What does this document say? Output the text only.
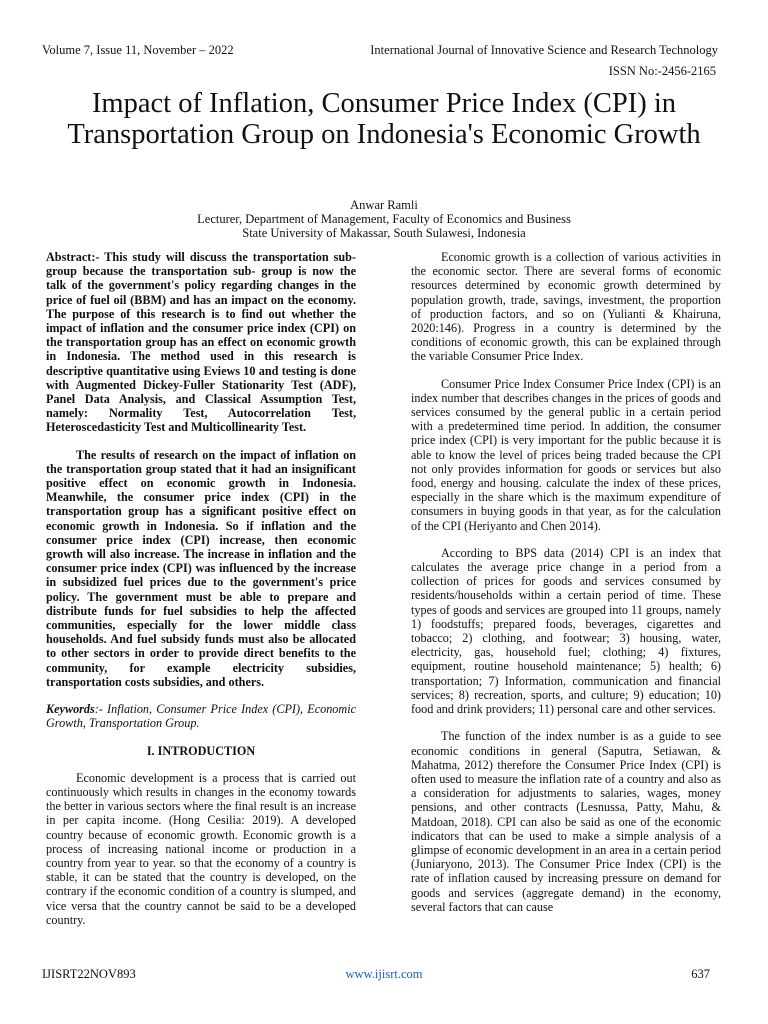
Volume 7, Issue 11, November – 2022	International Journal of Innovative Science and Research Technology
ISSN No:-2456-2165
Impact of Inflation, Consumer Price Index (CPI) in Transportation Group on Indonesia's Economic Growth
Anwar Ramli
Lecturer, Department of Management, Faculty of Economics and Business
State University of Makassar, South Sulawesi, Indonesia

Abstract:- This study will discuss the transportation sub-group because the transportation sub- group is now the talk of the government's policy regarding changes in the price of fuel oil (BBM) and has an impact on the economy. The purpose of this research is to find out whether the impact of inflation and the consumer price index (CPI) on the transportation group has an effect on economic growth in Indonesia. The method used in this research is descriptive quantitative using Eviews 10 and testing is done with Augmented Dickey-Fuller Stationarity Test (ADF), Panel Data Analysis, and Classical Assumption Test, namely: Normality Test, Autocorrelation Test, Heteroscedasticity Test and Multicollinearity Test.

The results of research on the impact of inflation on the transportation group stated that it had an insignificant positive effect on economic growth in Indonesia. Meanwhile, the consumer price index (CPI) in the transportation group has a significant positive effect on economic growth in Indonesia. So if inflation and the consumer price index (CPI) increase, then economic growth will also increase. The increase in inflation and the consumer price index (CPI) was influenced by the increase in subsidized fuel prices due to the government's price policy. The government must be able to prepare and distribute funds for fuel subsidies to help the affected communities, especially for the lower middle class households. And fuel subsidy funds must also be allocated to other sectors in order to provide direct benefits to the community, for example electricity subsidies, transportation costs subsidies, and others.

Keywords:- Inflation, Consumer Price Index (CPI), Economic Growth, Transportation Group.

I. INTRODUCTION

Economic development is a process that is carried out continuously which results in changes in the economy towards the better in various sectors where the final result is an increase in per capita income. (Hong Cesilia: 2019). A developed country because of economic growth. Economic growth is a process of increasing national income or production in a country from year to year. so that the economy of a country is stable, it can be stated that the country is developed, on the contrary if the economic condition of a country is slumped, and vice versa that the country cannot be said to be a developed country.

Economic growth is a collection of various activities in the economic sector. There are several forms of economic resources determined by economic growth determined by population growth, trade, savings, investment, the proportion of production factors, and so on (Yulianti & Khairuna, 2020:146). Progress in a country is determined by the conditions of economic growth, this can be explained through the variable Consumer Price Index.

Consumer Price Index Consumer Price Index (CPI) is an index number that describes changes in the prices of goods and services consumed by the general public in a certain period with a predetermined time period. In addition, the consumer price index (CPI) is very important for the public because it is able to know the level of prices being traded because the CPI not only provides information for goods or services but also food, energy and housing. calculate the index of these prices, especially in the share which is the maximum expenditure of consumers in buying goods in that year, as for the calculation of the CPI (Heriyanto and Chen 2014).

According to BPS data (2014) CPI is an index that calculates the average price change in a period from a collection of prices for goods and services consumed by residents/households within a certain period of time. These types of goods and services are grouped into 11 groups, namely 1) foodstuffs; prepared foods, beverages, cigarettes and tobacco; 2) clothing, and footwear; 3) housing, water, electricity, gas, household fuel; clothing; 4) fixtures, equipment, routine household maintenance; 5) health; 6) transportation; 7) Information, communication and financial services; 8) recreation, sports, and culture; 9) education; 10) food and drink providers; 11) personal care and other services.

The function of the index number is as a guide to see economic conditions in general (Saputra, Setiawan, & Mahatma, 2012) therefore the Consumer Price Index (CPI) is often used to measure the inflation rate of a country and also as a consideration for adjustments to salaries, wages, money pensions, and other contracts (Lesnussa, Patty, Mahu, & Matdoan, 2018). CPI can also be said as one of the economic indicators that can be used to make a simple analysis of a glimpse of economic development in an area in a certain period (Juniaryono, 2013). The Consumer Price Index (CPI) is the rate of inflation caused by increasing pressure on demand for goods and services (aggregate demand) in the economy, several factors that can cause

IJISRT22NOV893	www.ijisrt.com	637
